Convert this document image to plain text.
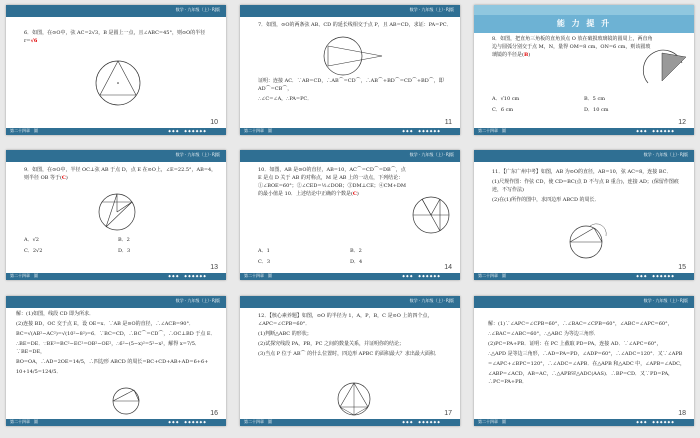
数学 · 九年级（上）· RJ版
6．如图，在⊙O中，弦 AC=2√3，B 是圆上一点，且∠ABC=45°，则⊙O的半径 r=√6
10
第二十四章　圆	◆ ◆ ◆ 　 ◆ ◆ ◆ ◆ ◆ ◆
数学 · 九年级（上）· RJ版
7．如图，⊙O的两条弦 AB、CD 的延长线相交于点 P，且 AB=CD，求证：PA=PC．

证明：连接 AC．∵AB=CD，∴AB⌒=CD⌒，∴AB⌒+BD⌒=CD⌒+BD⌒，即 AD⌒=CB⌒，

∴∠C=∠A，∴PA=PC．

11
第二十四章　圆	◆ ◆ ◆ 　 ◆ ◆ ◆ ◆ ◆ ◆
能 力 提 升
8．如图，把直角三角板的直角顶点 O 放在破损玻璃镜的圆周上，两直角边与圆弧分别交于点 M，N，量得 OM=8 cm，ON=6 cm，则该圆玻璃镜的半径是(B)
A．√10 cm	B．5 cm
C．6 cm	D．10 cm
12
第二十四章　圆	◆ ◆ ◆ 　 ◆ ◆ ◆ ◆ ◆ ◆
数学 · 九年级（上）· RJ版
9．如图，在⊙O中，半径 OC⊥弦 AB 于点 D，点 E 在⊙O上，∠E=22.5°，AB=4，则半径 OB 等于(C)
A．√2	B．2
C．2√2	D．3
13
第二十四章　圆	◆ ◆ ◆ 　 ◆ ◆ ◆ ◆ ◆ ◆
数学 · 九年级（上）· RJ版
10．如图，AB 是⊙O的直径，AB=10，AC⌒=CD⌒=DB⌒，点 E 是点 D 关于 AB 的对称点，M 是 AB 上的一动点，下列结论：①∠BOE=60°；②∠CED=½∠DOB；③DM⊥CE；④CM+DM 的最小值是 10．上述结论中正确的个数是(C)
A．1	B．2
C．3	D．4
14
第二十四章　圆	◆ ◆ ◆ 　 ◆ ◆ ◆ ◆ ◆ ◆
数学 · 九年级（上）· RJ版

11．【广东广州中考】如图，AB 为⊙O的直径，AB=10，弦 AC=8，连接 BC．

(1)尺规作图：作弦 CD，使 CD=BC(点 D 不与点 B 重合)，连接 AD；(保留作图痕迹，不写作法)

(2)在(1)所作的图中，求四边形 ABCD 的周长．

15
第二十四章　圆	◆ ◆ ◆ 　 ◆ ◆ ◆ ◆ ◆ ◆
数学 · 九年级（上）· RJ版

解：(1)如图，线段 CD 即为所求．

(2)连接 BD，OC 交于点 E，设 OE=x．∵AB 是⊙O的直径，∴∠ACB=90°．

BC=√(AB²−AC²)=√(10²−8²)=6．∵BC=CD，∴BC⌒=CD⌒，∴OC⊥BD 于点 E．

∴BE=DE．∵BE²=BC²−EC²=OB²−OE²，∴6²−(5−x)²=5²−x²，解得 x=7/5．∵BE=DE，

BO=OA，∴AD=2OE=14/5，∴四边形 ABCD 的周长=BC+CD+AB+AD=6+6+

10+14/5=124/5．

16
第二十四章　圆	◆ ◆ ◆ 　 ◆ ◆ ◆ ◆ ◆ ◆
数学 · 九年级（上）· RJ版

12．【核心素养题】如图，⊙O 的半径为 1，A，P，B，C 是⊙O 上的四个点，∠APC=∠CPB=60°．

(1)判断△ABC 的形状；

(2)试探究线段 PA，PB，PC 之间的数量关系，并证明你的结论；

(3)当点 P 位于 AB⌒ 的什么位置时，四边形 APBC 的面积最大？求出最大面积．

17
第二十四章　圆	◆ ◆ ◆ 　 ◆ ◆ ◆ ◆ ◆ ◆
数学 · 九年级（上）· RJ版

解：(1)∵∠APC=∠CPB=60°，∴∠BAC=∠CPB=60°，∠ABC=∠APC=60°，

∴∠BAC=∠ABC=60°，∴△ABC 为等边三角形．

(2)PC=PA+PB．证明：在 PC 上截取 PD=PA，连接 AD．∵∠APC=60°，

∴△APD 是等边三角形，∴AD=PA=PD，∠ADP=60°，∴∠ADC=120°．又∵∠APB

=∠APC+∠BPC=120°，∴∠ADC=∠APB．在△APB 和△ADC 中，∠APB=∠ADC，

∠ABP=∠ACD，AB=AC，∴△APB≌△ADC(AAS)．∴BP=CD．又∵PD=PA，∴PC=PA+PB．

18
第二十四章　圆	◆ ◆ ◆ 　 ◆ ◆ ◆ ◆ ◆ ◆
